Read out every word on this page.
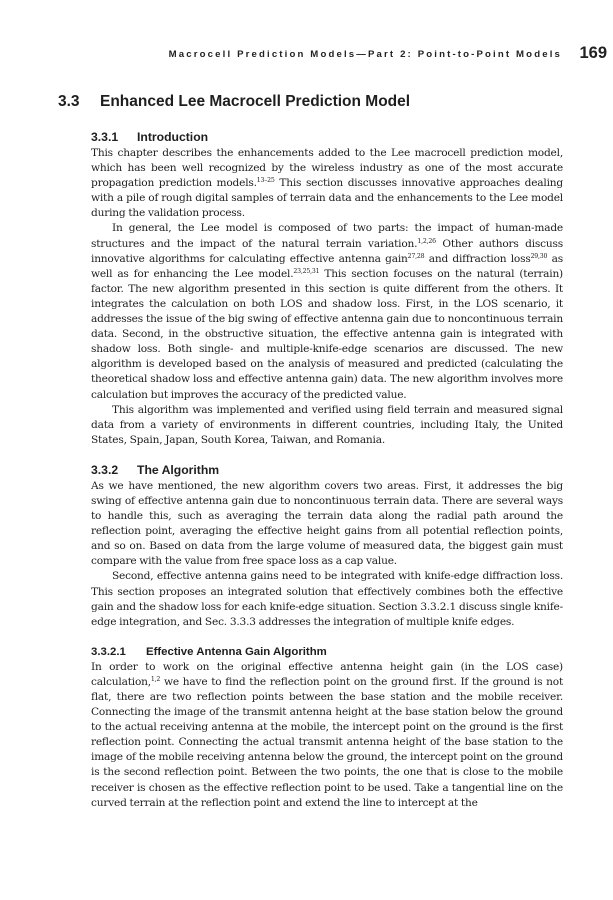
Macrocell Prediction Models—Part 2: Point-to-Point Models 169
3.3 Enhanced Lee Macrocell Prediction Model
3.3.1 Introduction

This chapter describes the enhancements added to the Lee macrocell prediction model, which has been well recognized by the wireless industry as one of the most accurate propagation prediction models.$^{13-25}$ This section discusses innovative approaches dealing with a pile of rough digital samples of terrain data and the enhancements to the Lee model during the validation process.

In general, the Lee model is composed of two parts: the impact of human-made structures and the impact of the natural terrain variation.$^{1,2,26}$ Other authors discuss innovative algorithms for calculating effective antenna gain$^{27,28}$ and diffraction loss$^{29,30}$ as well as for enhancing the Lee model.$^{23,25,31}$ This section focuses on the natural (terrain) factor. The new algorithm presented in this section is quite different from the others. It integrates the calculation on both LOS and shadow loss. First, in the LOS scenario, it addresses the issue of the big swing of effective antenna gain due to noncontinuous terrain data. Second, in the obstructive situation, the effective antenna gain is integrated with shadow loss. Both single- and multiple-knife-edge scenarios are discussed. The new algorithm is developed based on the analysis of measured and predicted (calculating the theoretical shadow loss and effective antenna gain) data. The new algorithm involves more calculation but improves the accuracy of the predicted value.

This algorithm was implemented and verified using field terrain and measured signal data from a variety of environments in different countries, including Italy, the United States, Spain, Japan, South Korea, Taiwan, and Romania.

3.3.2 The Algorithm

As we have mentioned, the new algorithm covers two areas. First, it addresses the big swing of effective antenna gain due to noncontinuous terrain data. There are several ways to handle this, such as averaging the terrain data along the radial path around the reflection point, averaging the effective height gains from all potential reflection points, and so on. Based on data from the large volume of measured data, the biggest gain must compare with the value from free space loss as a cap value.

Second, effective antenna gains need to be integrated with knife-edge diffraction loss. This section proposes an integrated solution that effectively combines both the effective gain and the shadow loss for each knife-edge situation. Section 3.3.2.1 discuss single knife-edge integration, and Sec. 3.3.3 addresses the integration of multiple knife edges.

3.3.2.1 Effective Antenna Gain Algorithm

In order to work on the original effective antenna height gain (in the LOS case) calculation,$^{1,2}$ we have to find the reflection point on the ground first. If the ground is not flat, there are two reflection points between the base station and the mobile receiver. Connecting the image of the transmit antenna height at the base station below the ground to the actual receiving antenna at the mobile, the intercept point on the ground is the first reflection point. Connecting the actual transmit antenna height of the base station to the image of the mobile receiving antenna below the ground, the intercept point on the ground is the second reflection point. Between the two points, the one that is close to the mobile receiver is chosen as the effective reflection point to be used. Take a tangential line on the curved terrain at the reflection point and extend the line to intercept at the
